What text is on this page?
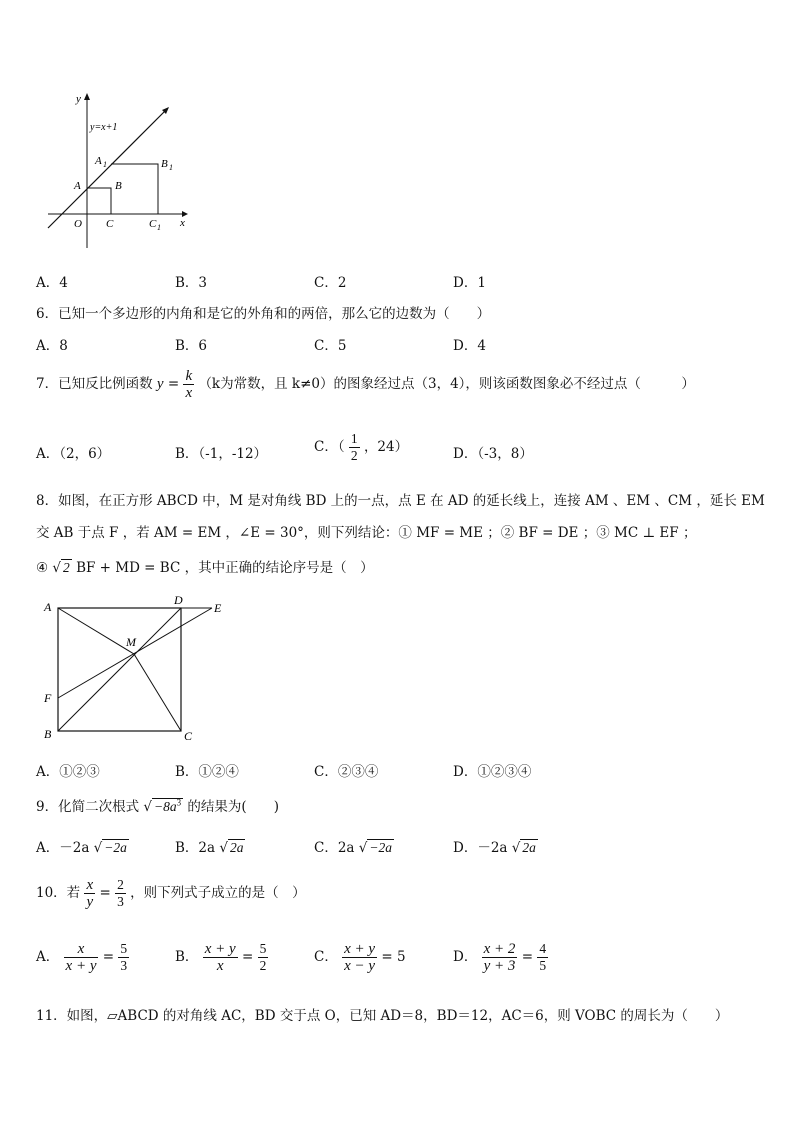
y=x+1
y
x
O
A
A 1
B
B 1
C	C 1
A．4	B．3	C．2	D．1
6．已知一个多边形的内角和是它的外角和的两倍，那么它的边数为（　　）
A．8	B．6	C．5	D．4
7．已知反比例函数 $y = \frac{k}{x} (k$为常数，且 k≠0）的图象经过点（3，4），则该函数图象必不经过点（　　　）
A．（2，6）	B．（-1，-12）	C．（ $\frac{1}{2}$ ，24）	D．（-3，8）
8．如图，在正方形 ABCD 中，M 是对角线 BD 上的一点，点 E 在 AD 的延长线上，连接 AM 、EM 、CM ，延长 EM
交 AB 于点 F ，若 AM = EM ，∠E = 30°，则下列结论：① MF = ME ；② BF = DE ；③ MC ⊥ EF ；
④ √ 2 BF + MD = BC ，其中正确的结论序号是（　）
A	D
E
M
F
B	C
A．①②③	B．①②④	C．②③④	D．①②③④
9．化简二次根式 √ $-8a^3$ 的结果为(　　)
A．－2a √ −2a	B．2a √ 2a	C．2a √ −2a	D．－2a √ 2a
10．若 $\frac{x}{y} = \frac{2}{3}$ ，则下列式子成立的是（　）
A． $\frac{x}{x + y} = \frac{5}{3}$	B． $\frac{x + y}{x} = \frac{5}{2}$	C． $\frac{x + y}{x - y} = 5$	D． $\frac{x + 2}{y + 3} = \frac{4}{5}$
11．如图，▱ABCD 的对角线 AC，BD 交于点 O，已知 AD＝8，BD＝12，AC＝6，则 VOBC 的周长为（　　）
